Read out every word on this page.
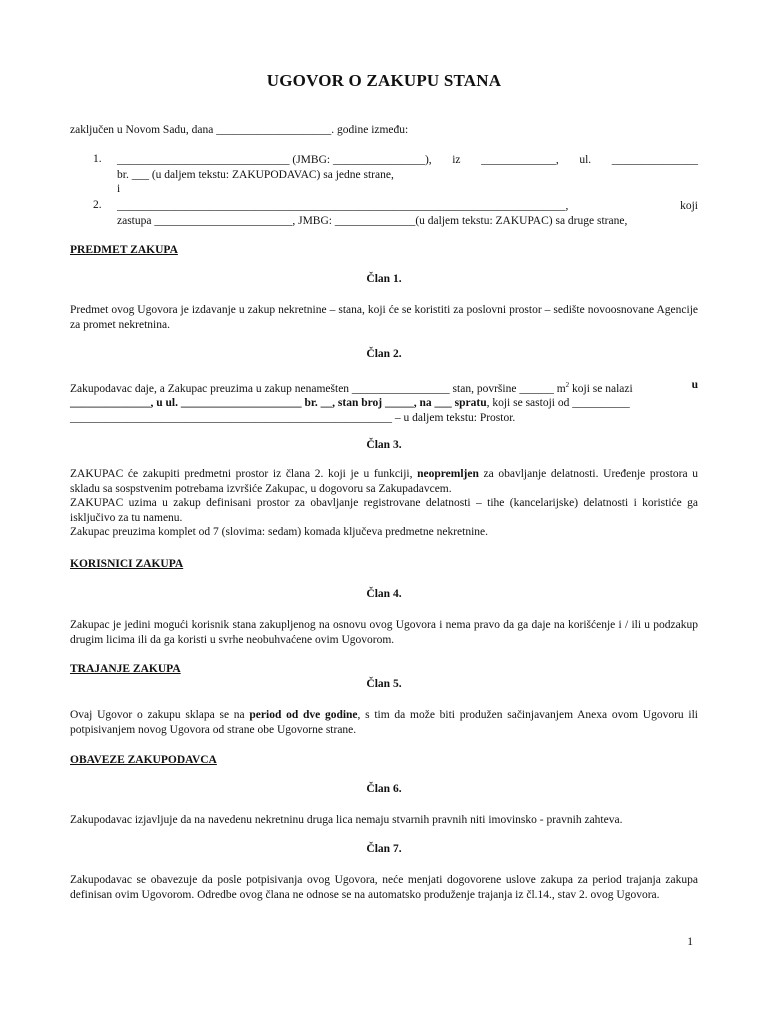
UGOVOR O ZAKUPU STANA

zaključen u Novom Sadu, dana ____________________. godine između:

1. ______________________________ (JMBG: ________________), iz _____________, ul. _______________
br. ___ (u daljem tekstu: ZAKUPODAVAC) sa jedne strane,
i
2. ______________________________________________________________________________,	koji
zastupa ________________________, JMBG: ______________(u daljem tekstu: ZAKUPAC) sa druge strane,
PREDMET ZAKUPA
Član 1.

Predmet ovog Ugovora je izdavanje u zakup nekretnine – stana, koji će se koristiti za poslovni prostor – sedište novoosnovane Agencije za promet nekretnina.

Član 2.
Zakupodavac daje, a Zakupac preuzima u zakup nenamešten _________________ stan, površine ______ $m^2$ koji se nalazi	u
______________, u ul. _____________________ br. __, stan broj _____, na ___ spratu, koji se sastoji od __________
________________________________________________________ – u daljem tekstu: Prostor.
Član 3.
ZAKUPAC će zakupiti predmetni prostor iz člana 2. koji je u funkciji, neopremljen za obavljanje delatnosti. Uređenje prostora u skladu sa sospstvenim potrebama izvršiće Zakupac, u dogovoru sa Zakupadavcem.
ZAKUPAC uzima u zakup definisani prostor za obavljanje registrovane delatnosti – tihe (kancelarijske) delatnosti i koristiće ga isključivo za tu namenu.
Zakupac preuzima komplet od 7 (slovima: sedam) komada ključeva predmetne nekretnine.
KORISNICI ZAKUPA
Član 4.

Zakupac je jedini mogući korisnik stana zakupljenog na osnovu ovog Ugovora i nema pravo da ga daje na korišćenje i / ili u podzakup drugim licima ili da ga koristi u svrhe neobuhvaćene ovim Ugovorom.

TRAJANJE ZAKUPA
Član 5.

Ovaj Ugovor o zakupu sklapa se na period od dve godine, s tim da može biti produžen sačinjavanjem Anexa ovom Ugovoru ili potpisivanjem novog Ugovora od strane obe Ugovorne strane.

OBAVEZE ZAKUPODAVCA
Član 6.

Zakupodavac izjavljuje da na navedenu nekretninu druga lica nemaju stvarnih pravnih niti imovinsko - pravnih zahteva.

Član 7.

Zakupodavac se obavezuje da posle potpisivanja ovog Ugovora, neće menjati dogovorene uslove zakupa za period trajanja zakupa definisan ovim Ugovorom. Odredbe ovog člana ne odnose se na automatsko produženje trajanja iz čl.14., stav 2. ovog Ugovora.

1
